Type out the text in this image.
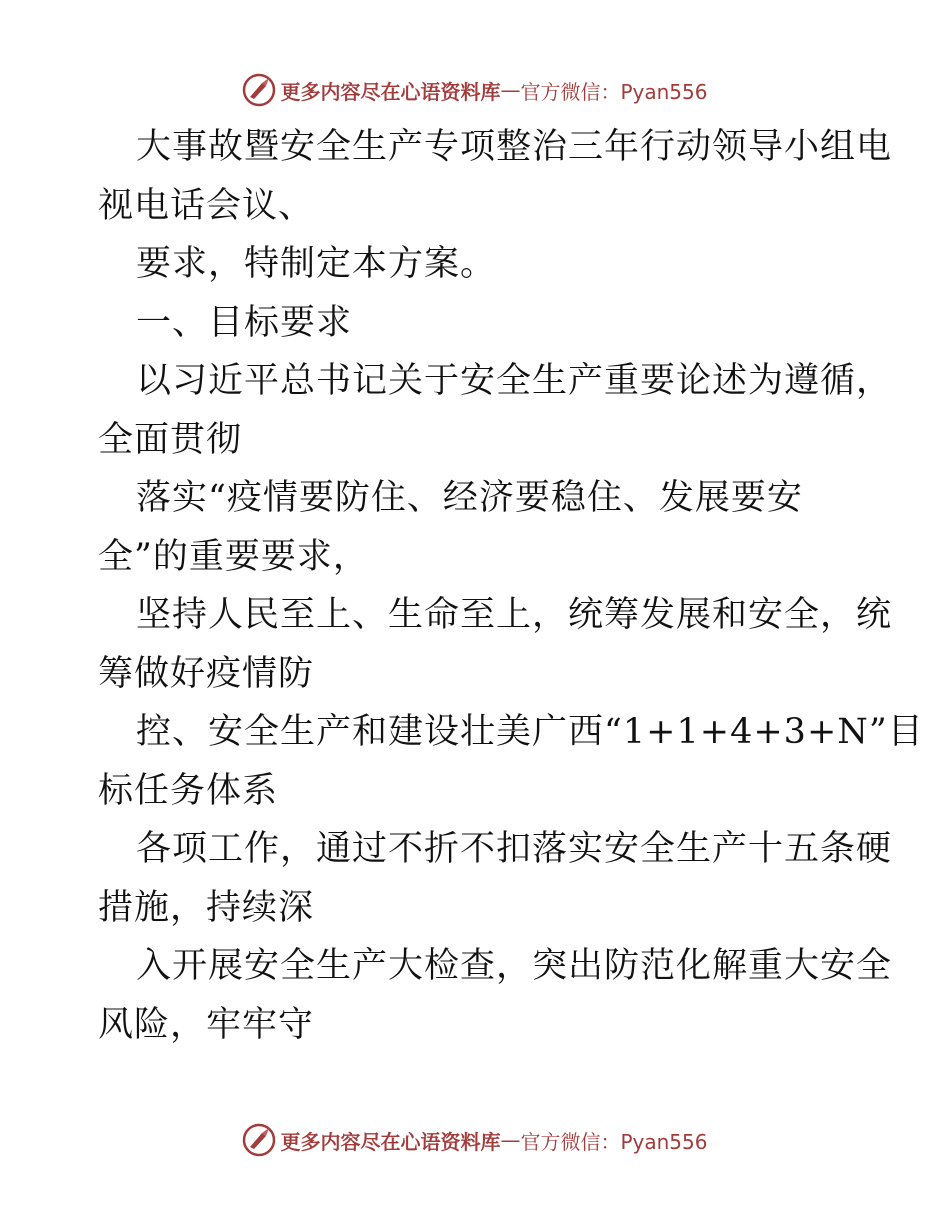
更多内容尽在心语资料库 — 官方微信：Pyan556
大事故暨安全生产专项整治三年行动领导小组电
视电话会议、
要求，特制定本方案。
一、目标要求
以习近平总书记关于安全生产重要论述为遵循，
全面贯彻
落实“疫情要防住、经济要稳住、发展要安
全”的重要要求，
坚持人民至上、生命至上，统筹发展和安全，统
筹做好疫情防
控、安全生产和建设壮美广西“1+1+4+3+N”目
标任务体系
各项工作，通过不折不扣落实安全生产十五条硬
措施，持续深
入开展安全生产大检查，突出防范化解重大安全
风险，牢牢守
更多内容尽在心语资料库 — 官方微信：Pyan556
